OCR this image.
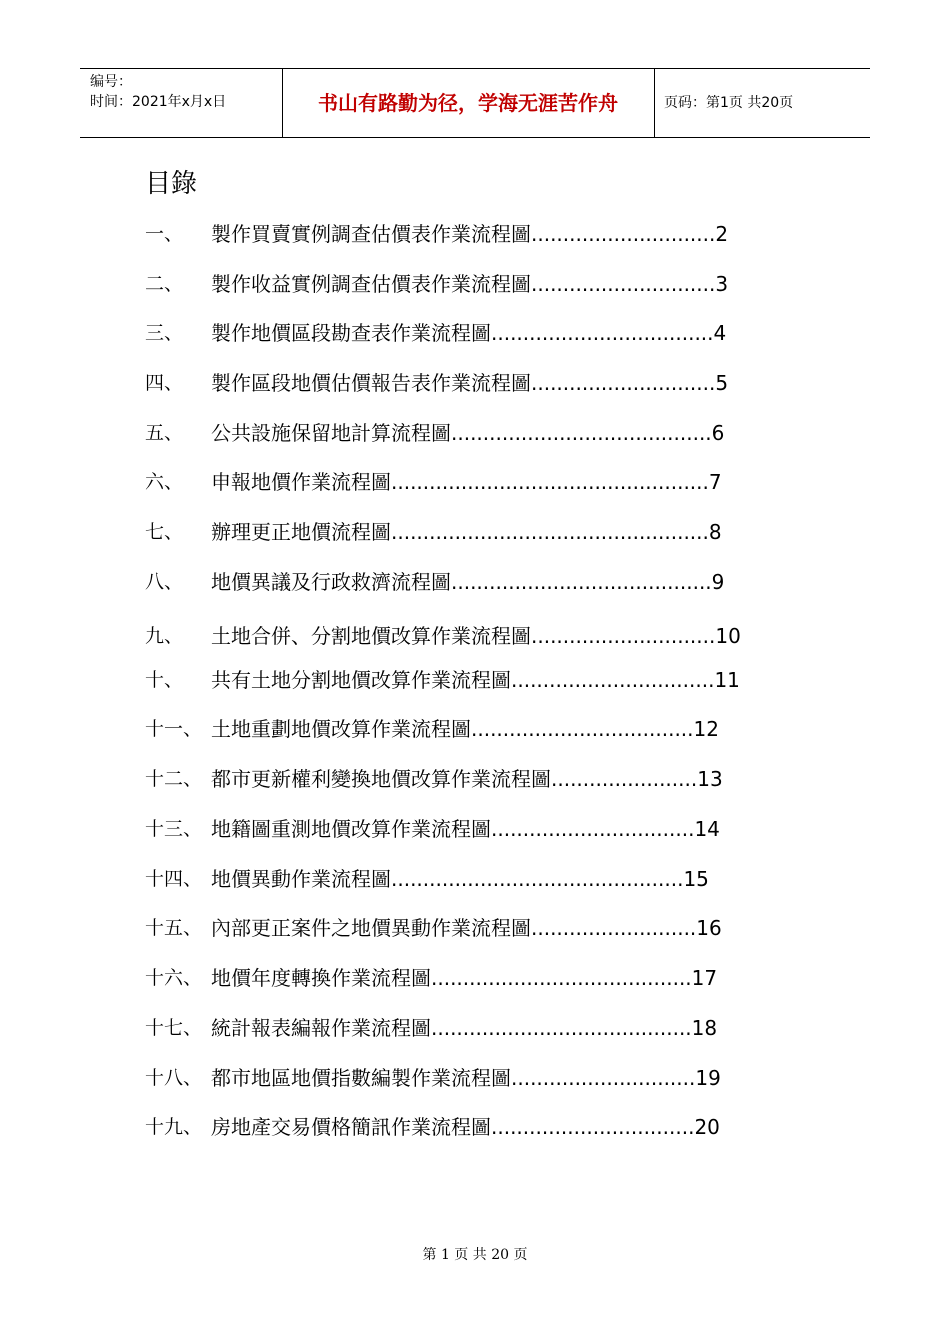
编号：
时间：2021年x月x日	书山有路勤为径，学海无涯苦作舟	页码：第1页 共20页
目錄
一、 製作買賣實例調查估價表作業流程圖.............................2
二、 製作收益實例調查估價表作業流程圖.............................3
三、 製作地價區段勘查表作業流程圖...................................4
四、 製作區段地價估價報告表作業流程圖.............................5
五、 公共設施保留地計算流程圖.........................................6
六、 申報地價作業流程圖..................................................7
七、 辦理更正地價流程圖..................................................8
八、 地價異議及行政救濟流程圖.........................................9
九、 土地合併、分割地價改算作業流程圖.............................10
十、 共有土地分割地價改算作業流程圖................................11
十一、 土地重劃地價改算作業流程圖...................................12
十二、 都市更新權利變換地價改算作業流程圖.......................13
十三、 地籍圖重測地價改算作業流程圖................................14
十四、 地價異動作業流程圖..............................................15
十五、 內部更正案件之地價異動作業流程圖..........................16
十六、 地價年度轉換作業流程圖.........................................17
十七、 統計報表編報作業流程圖.........................................18
十八、 都市地區地價指數編製作業流程圖.............................19
十九、 房地產交易價格簡訊作業流程圖................................20
第 1 页 共 20 页
